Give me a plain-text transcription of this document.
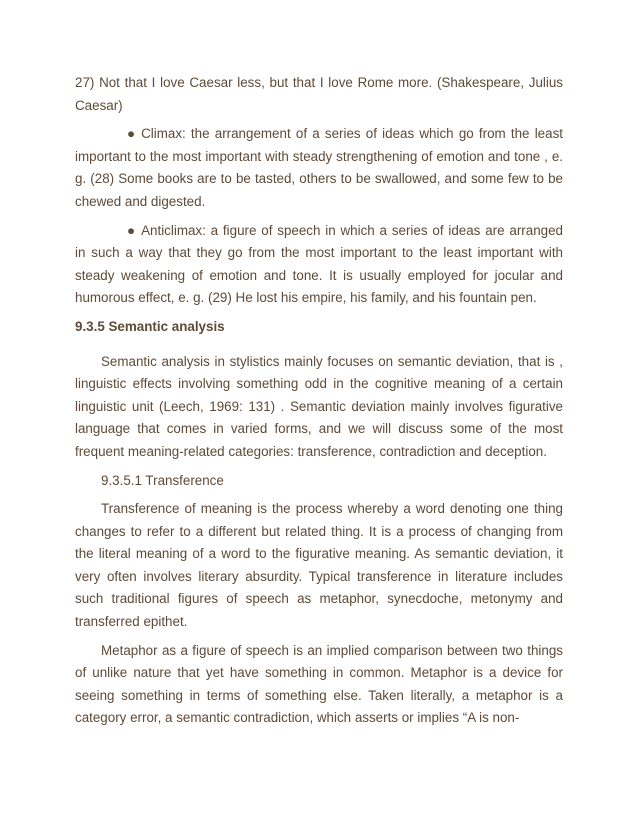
27) Not that I love Caesar less, but that I love Rome more. (Shakespeare, Julius Caesar)

● Climax: the arrangement of a series of ideas which go from the least important to the most important with steady strengthening of emotion and tone , e. g. (28) Some books are to be tasted, others to be swallowed, and some few to be chewed and digested.

● Anticlimax: a figure of speech in which a series of ideas are arranged in such a way that they go from the most important to the least important with steady weakening of emotion and tone. It is usually employed for jocular and humorous effect, e. g. (29) He lost his empire, his family, and his fountain pen.

9.3.5 Semantic analysis

Semantic analysis in stylistics mainly focuses on semantic deviation, that is , linguistic effects involving something odd in the cognitive meaning of a certain linguistic unit (Leech, 1969: 131) . Semantic deviation mainly involves figurative language that comes in varied forms, and we will discuss some of the most frequent meaning-related categories: transference, contradiction and deception.

9.3.5.1 Transference

Transference of meaning is the process whereby a word denoting one thing changes to refer to a different but related thing. It is a process of changing from the literal meaning of a word to the figurative meaning. As semantic deviation, it very often involves literary absurdity. Typical transference in literature includes such traditional figures of speech as metaphor, synecdoche, metonymy and transferred epithet.

Metaphor as a figure of speech is an implied comparison between two things of unlike nature that yet have something in common. Metaphor is a device for seeing something in terms of something else. Taken literally, a metaphor is a category error, a semantic contradiction, which asserts or implies “A is non-
